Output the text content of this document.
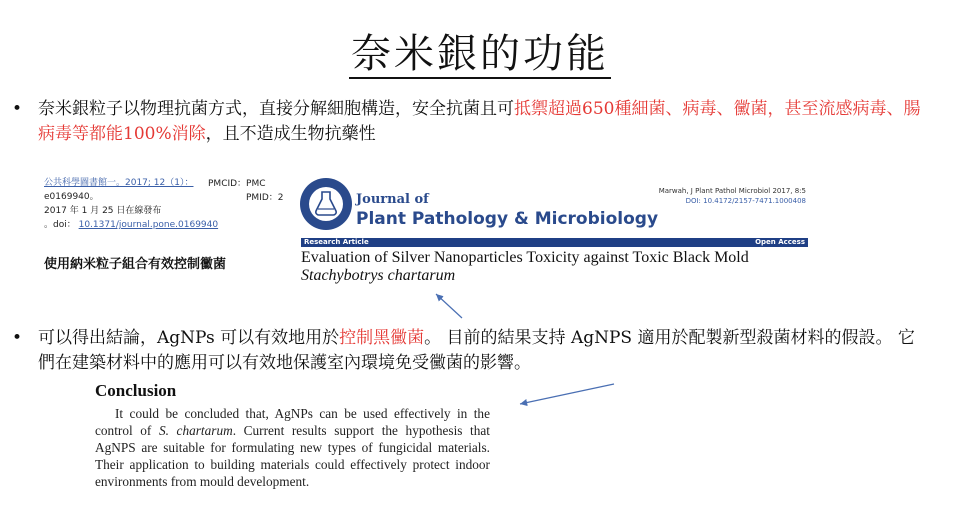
奈米銀的功能
• 奈米銀粒子以物理抗菌方式，直接分解細胞構造，安全抗菌且可抵禦超過650種細菌、病毒、黴菌，甚至流感病毒、腸病毒等都能100%消除，且不造成生物抗藥性
公共科學圖書館一。2017; 12（1）：
e0169940。
2017 年 1 月 25 日在線發布
。doi： 10.1371/journal.pone.0169940
PMCID：PMC
PMID：2
使用納米粒子組合有效控制黴菌
Journal of
Plant Pathology & Microbiology
Marwah, J Plant Pathol Microbiol 2017, 8:5
DOI: 10.4172/2157-7471.1000408
Research Article	Open Access
Evaluation of Silver Nanoparticles Toxicity against Toxic Black Mold
Stachybotrys chartarum
• 可以得出結論，AgNPs 可以有效地用於控制黑黴菌。 目前的結果支持 AgNPS 適用於配製新型殺菌材料的假設。 它們在建築材料中的應用可以有效地保護室內環境免受黴菌的影響。
Conclusion

It could be concluded that, AgNPs can be used effectively in the control of S. chartarum. Current results support the hypothesis that AgNPS are suitable for formulating new types of fungicidal materials. Their application to building materials could effectively protect indoor environments from mould development.
